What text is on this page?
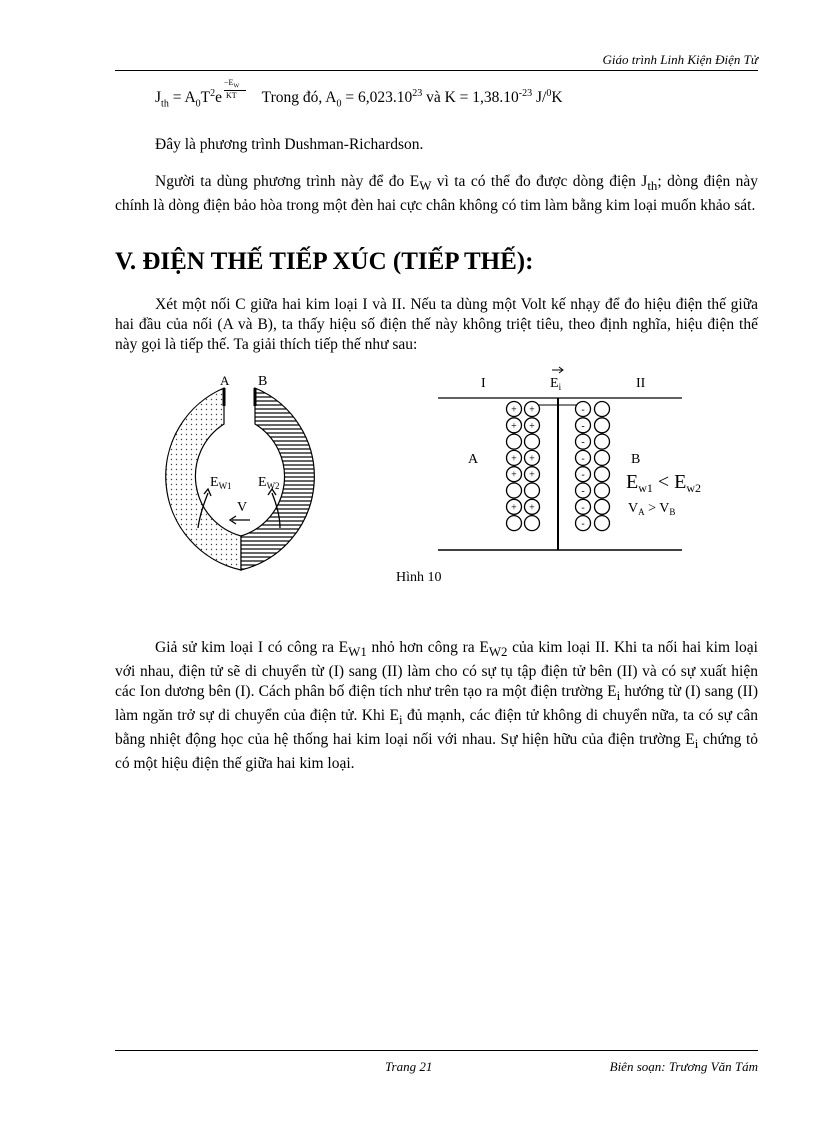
Giáo trình Linh Kiện Điện Tử
$J_{th} = A_0T^2e \frac{-E_W}{KT}$ Trong đó, $A_0 = 6,023.10^{23}$ và $K = 1,38.10^{-23}$ J/$^0$K
Đây là phương trình Dushman-Richardson.
Người ta dùng phương trình này để đo $E_W$ vì ta có thể đo được dòng điện $J_{th}$; dòng điện này chính là dòng điện bảo hòa trong một đèn hai cực chân không có tim làm bằng kim loại muốn khảo sát.
V. ĐIỆN THẾ TIẾP XÚC (TIẾP THẾ):
Xét một nối C giữa hai kim loại I và II. Nếu ta dùng một Volt kế nhạy để đo hiệu điện thế giữa hai đầu của nối (A và B), ta thấy hiệu số điện thế này không triệt tiêu, theo định nghĩa, hiệu điện thế này gọi là tiếp thế. Ta giải thích tiếp thế như sau:
A B
$E_{W1}$ $E_{W2}$
V
I	II
$E_i$
+ +
+ +
+ +
+ +
+ +
-
-
-
-
-
-
-
-
A	B
$E_{w1} < E_{w2}$
$V_A > V_B$
Hình 10
Giả sử kim loại I có công ra $E_{W1}$ nhỏ hơn công ra $E_{W2}$ của kim loại II. Khi ta nối hai kim loại với nhau, điện tử sẽ di chuyển từ (I) sang (II) làm cho có sự tụ tập điện tử bên (II) và có sự xuất hiện các Ion dương bên (I). Cách phân bố điện tích như trên tạo ra một điện trường $E_i$ hướng từ (I) sang (II) làm ngăn trở sự di chuyển của điện tử. Khi $E_i$ đủ mạnh, các điện tử không di chuyển nữa, ta có sự cân bằng nhiệt động học của hệ thống hai kim loại nối với nhau. Sự hiện hữu của điện trường $E_i$ chứng tỏ có một hiệu điện thế giữa hai kim loại.
Trang 21	Biên soạn: Trương Văn Tám
